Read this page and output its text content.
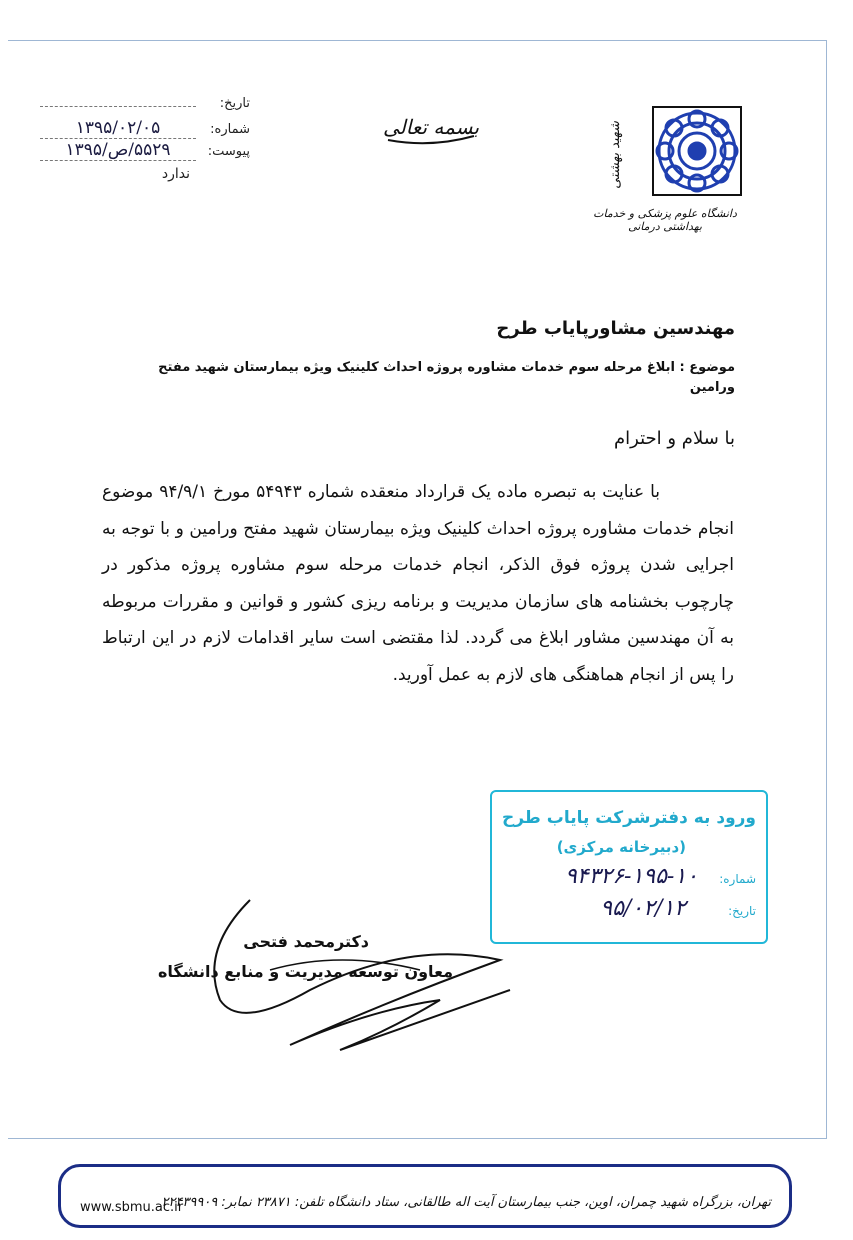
تاریخ:
شماره:
۱۳۹۵/۰۲/۰۵
پیوست:
۵۵۲۹/ص/۱۳۹۵
ندارد
بسمه تعالی	شهید بهشتی
دانشگاه علوم پزشکی و خدمات بهداشتی درمانی
مهندسین مشاورپایاب طرح
موضوع : ابلاغ مرحله سوم خدمات مشاوره پروژه احداث کلینیک ویژه بیمارستان شهید مفتح ورامین
با سلام و احترام
با عنایت به تبصره ماده یک قرارداد منعقده شماره ۵۴۹۴۳ مورخ ۹۴/۹/۱ موضوع انجام خدمات مشاوره پروژه احداث کلینیک ویژه بیمارستان شهید مفتح ورامین و با توجه به اجرایی شدن پروژه فوق الذکر، انجام خدمات مرحله سوم مشاوره پروژه مذکور در چارچوب بخشنامه های سازمان مدیریت و برنامه ریزی کشور و قوانین و مقررات مربوطه به آن مهندسین مشاور ابلاغ می گردد. لذا مقتضی است سایر اقدامات لازم در این ارتباط را پس از انجام هماهنگی های لازم به عمل آورید.
ورود به دفترشرکت پایاب طرح
(دبیرخانه مرکزی)
شماره:
۹۴۳۲۶-۱۹۵-۱۰
تاریخ:
۹۵/۰۲/۱۲
دکترمحمد فتحی
معاون توسعه مدیریت و منابع دانشگاه
www.sbmu.ac.ir
تهران، بزرگراه شهید چمران، اوین، جنب بیمارستان آیت اله طالقانی، ستاد دانشگاه تلفن: ۲۳۸۷۱ نمابر: ۲۲۴۳۹۹۰۹
